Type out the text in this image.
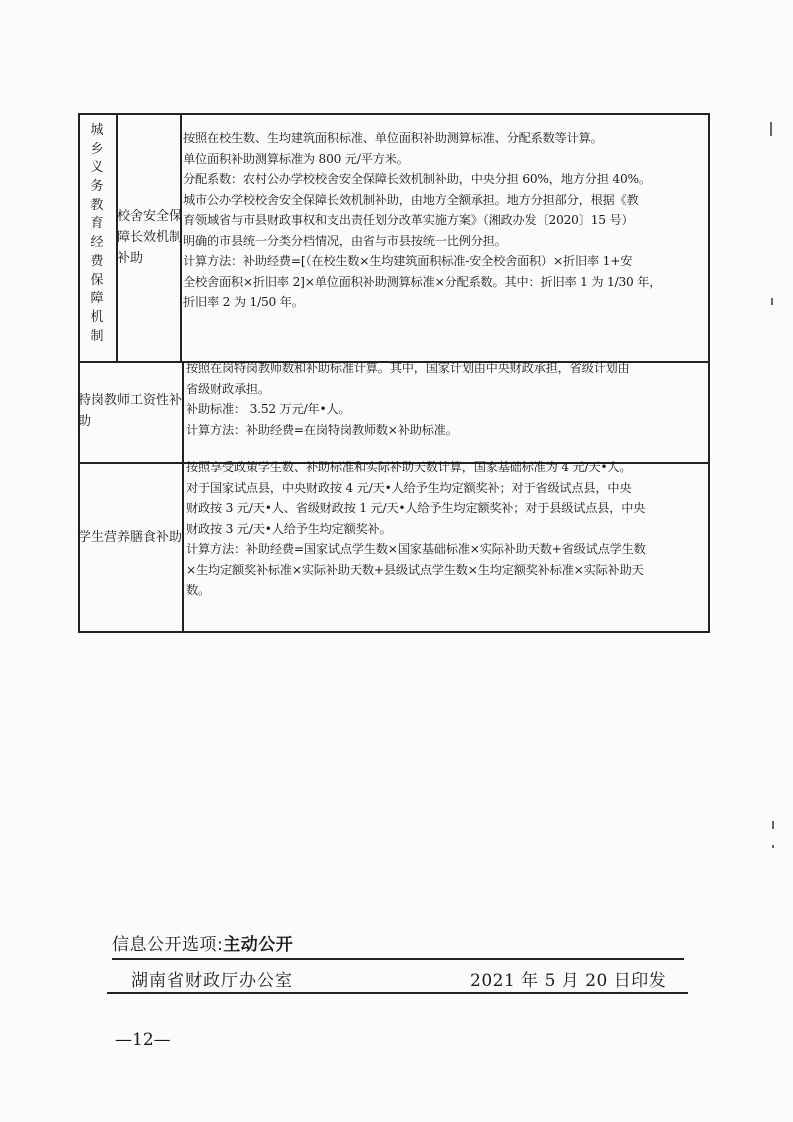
城
乡
义
务
教
育
经
费
保
障
机
制
校舍安全保障长效机制补助
按照在校生数、生均建筑面积标准、单位面积补助测算标准、分配系数等计算。
单位面积补助测算标准为 800 元/平方米。
分配系数：农村公办学校校舍安全保障长效机制补助，中央分担 60%，地方分担 40%。
城市公办学校校舍安全保障长效机制补助，由地方全额承担。地方分担部分，根据《教
育领域省与市县财政事权和支出责任划分改革实施方案》（湘政办发〔2020〕15 号）
明确的市县统一分类分档情况，由省与市县按统一比例分担。
计算方法：补助经费=[（在校生数×生均建筑面积标准-安全校舍面积）×折旧率 1+安
全校舍面积×折旧率 2]×单位面积补助测算标准×分配系数。其中：折旧率 1 为 1/30 年，
折旧率 2 为 1/50 年。
特岗教师工资性补助
按照在岗特岗教师数和补助标准计算。其中，国家计划由中央财政承担，省级计划由
省级财政承担。
补助标准： 3.52 万元/年•人。
计算方法：补助经费=在岗特岗教师数×补助标准。
学生营养膳食补助
按照享受政策学生数、补助标准和实际补助天数计算，国家基础标准为 4 元/天•人。
对于国家试点县，中央财政按 4 元/天•人给予生均定额奖补；对于省级试点县，中央
财政按 3 元/天•人、省级财政按 1 元/天•人给予生均定额奖补；对于县级试点县，中央
财政按 3 元/天•人给予生均定额奖补。
计算方法：补助经费=国家试点学生数×国家基础标准×实际补助天数+省级试点学生数
×生均定额奖补标准×实际补助天数+县级试点学生数×生均定额奖补标准×实际补助天
数。
信息公开选项:主动公开
湖南省财政厅办公室	2021 年 5 月 20 日印发
—12—
